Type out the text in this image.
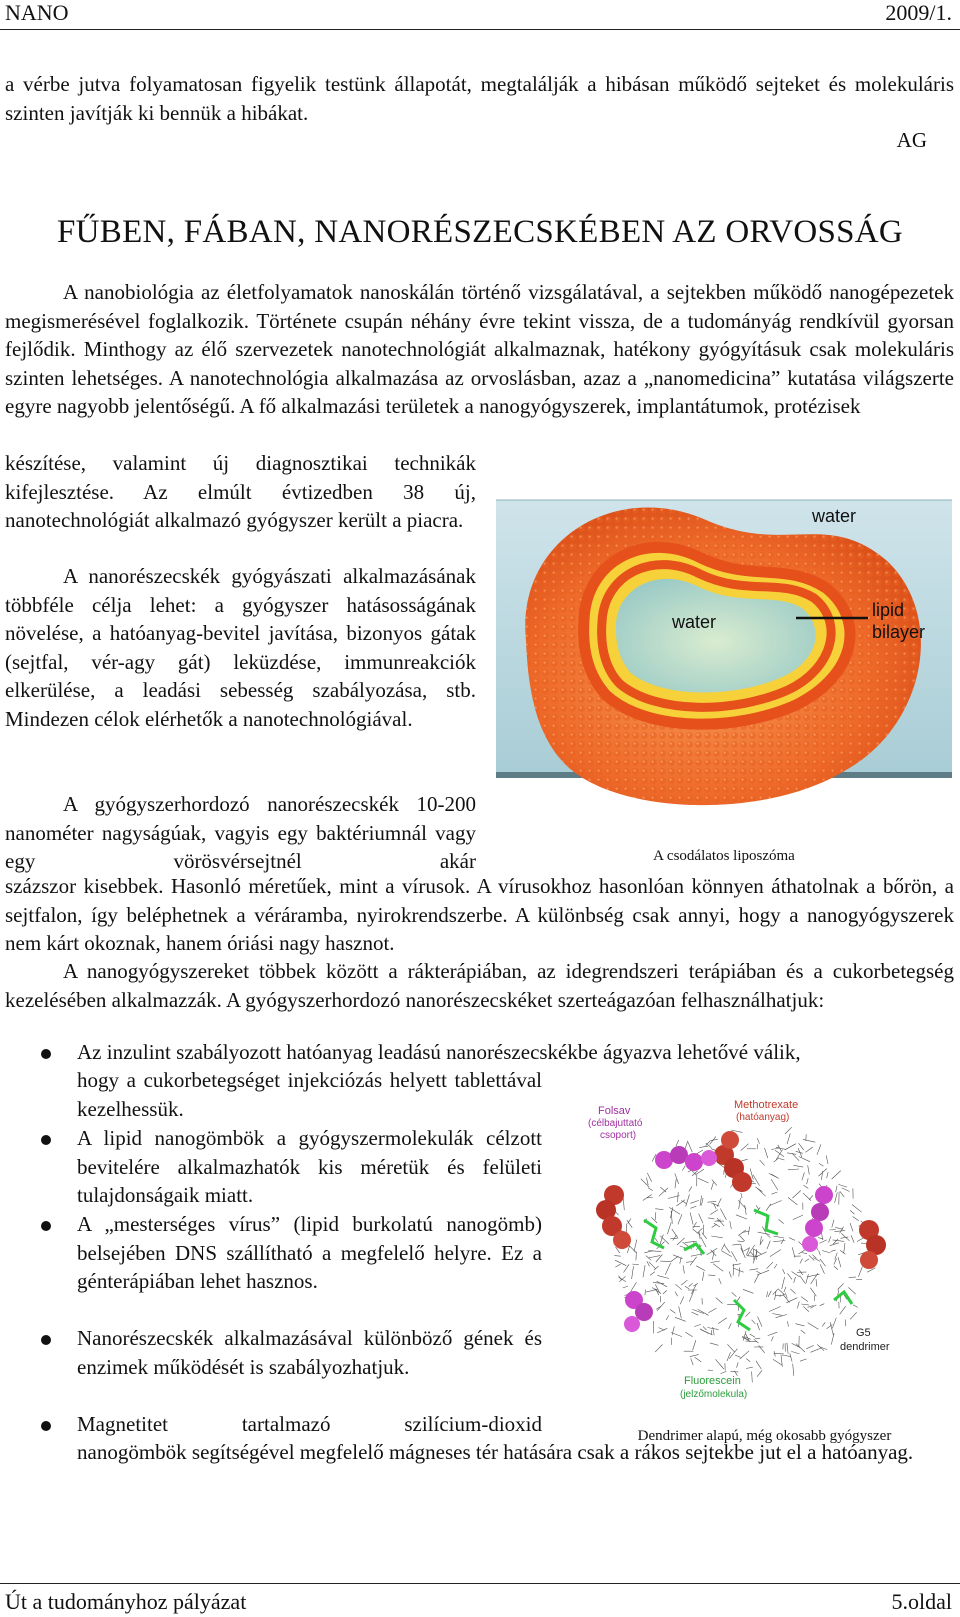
NANO	2009/1.
a vérbe jutva folyamatosan figyelik testünk állapotát, megtalálják a hibásan működő sejteket és molekuláris szinten javítják ki bennük a hibákat.
AG
FŰBEN, FÁBAN, NANORÉSZECSKÉBEN AZ ORVOSSÁG
A nanobiológia az életfolyamatok nanoskálán történő vizsgálatával, a sejtekben működő nanogépezetek megismerésével foglalkozik. Története csupán néhány évre tekint vissza, de a tudományág rendkívül gyorsan fejlődik. Minthogy az élő szervezetek nanotechnológiát alkalmaznak, hatékony gyógyításuk csak molekuláris szinten lehetséges. A nanotechnológia alkalmazása az orvoslásban, azaz a „nanomedicina” kutatása világszerte egyre nagyobb jelentőségű. A fő alkalmazási területek a nanogyógyszerek, implantátumok, protézisek
készítése, valamint új diagnosztikai technikák kifejlesztése. Az elmúlt évtizedben 38 új, nanotechnológiát alkalmazó gyógyszer került a piacra.
A nanorészecskék gyógyászati alkalmazásának többféle célja lehet: a gyógyszer hatásosságának növelése, a hatóanyag-bevitel javítása, bizonyos gátak (sejtfal, vér-agy gát) leküzdése, immunreakciók elkerülése, a leadási sebesség szabályozása, stb. Mindezen célok elérhetők a nanotechnológiával.
A gyógyszerhordozó nanorészecskék 10-200 nanométer nagyságúak, vagyis egy baktériumnál vagy egy vörösvérsejtnél akár
százszor kisebbek. Hasonló méretűek, mint a vírusok. A vírusokhoz hasonlóan könnyen áthatolnak a bőrön, a sejtfalon, így beléphetnek a véráramba, nyirokrendszerbe. A különbség csak annyi, hogy a nanogyógyszerek nem kárt okoznak, hanem óriási nagy hasznot.
A nanogyógyszereket többek között a rákterápiában, az idegrendszeri terápiában és a cukorbetegség kezelésében alkalmazzák. A gyógyszerhordozó nanorészecskéket szerteágazóan felhasználhatjuk:
water
water
lipid
bilayer
A csodálatos liposzóma
Az inzulint szabályozott hatóanyag leadású nanorészecskékbe ágyazva lehetővé válik,
hogy a cukorbetegséget injekciózás helyett tablettával kezelhessük.
A lipid nanogömbök a gyógyszermolekulák célzott bevitelére alkalmazhatók kis méretük és felületi tulajdonságaik miatt.
A „mesterséges vírus” (lipid burkolatú nanogömb) belsejében DNS szállítható a megfelelő helyre. Ez a génterápiában lehet hasznos.
Nanorészecskék alkalmazásával különböző gének és enzimek működését is szabályozhatjuk.
Magnetitet tartalmazó szilícium-dioxid
nanogömbök segítségével megfelelő mágneses tér hatására csak a rákos sejtekbe jut el a hatóanyag.
Methotrexate
(hatóanyag)
Folsav
(célbajuttató
csoport)
G5
dendrimer
Fluorescein
(jelzőmolekula)
Dendrimer alapú, még okosabb gyógyszer
Út a tudományhoz pályázat	5.oldal
